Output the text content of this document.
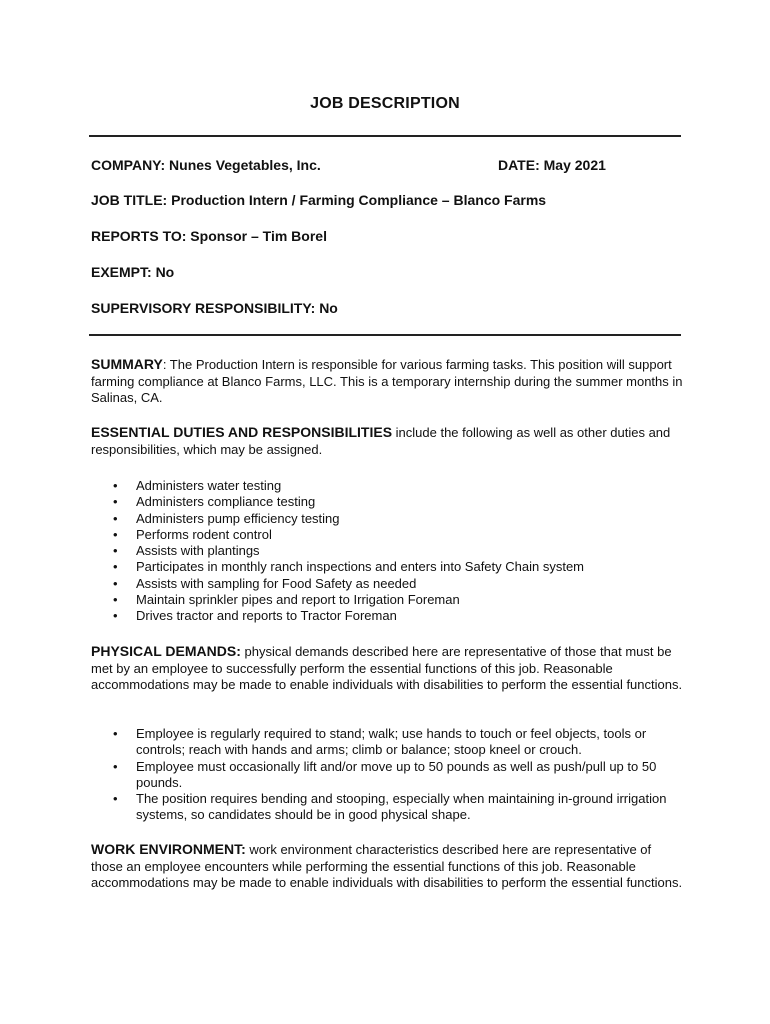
JOB DESCRIPTION
COMPANY: Nunes Vegetables, Inc.	DATE: May 2021
JOB TITLE: Production Intern / Farming Compliance – Blanco Farms
REPORTS TO: Sponsor – Tim Borel
EXEMPT: No
SUPERVISORY RESPONSIBILITY: No
SUMMARY: The Production Intern is responsible for various farming tasks. This position will support farming compliance at Blanco Farms, LLC. This is a temporary internship during the summer months in Salinas, CA.
ESSENTIAL DUTIES AND RESPONSIBILITIES include the following as well as other duties and responsibilities, which may be assigned.
• Administers water testing
• Administers compliance testing
• Administers pump efficiency testing
• Performs rodent control
• Assists with plantings
• Participates in monthly ranch inspections and enters into Safety Chain system
• Assists with sampling for Food Safety as needed
• Maintain sprinkler pipes and report to Irrigation Foreman
• Drives tractor and reports to Tractor Foreman
PHYSICAL DEMANDS: physical demands described here are representative of those that must be met by an employee to successfully perform the essential functions of this job. Reasonable accommodations may be made to enable individuals with disabilities to perform the essential functions.
• Employee is regularly required to stand; walk; use hands to touch or feel objects, tools or controls; reach with hands and arms; climb or balance; stoop kneel or crouch.
• Employee must occasionally lift and/or move up to 50 pounds as well as push/pull up to 50 pounds.
• The position requires bending and stooping, especially when maintaining in-ground irrigation systems, so candidates should be in good physical shape.
WORK ENVIRONMENT: work environment characteristics described here are representative of those an employee encounters while performing the essential functions of this job. Reasonable accommodations may be made to enable individuals with disabilities to perform the essential functions.
